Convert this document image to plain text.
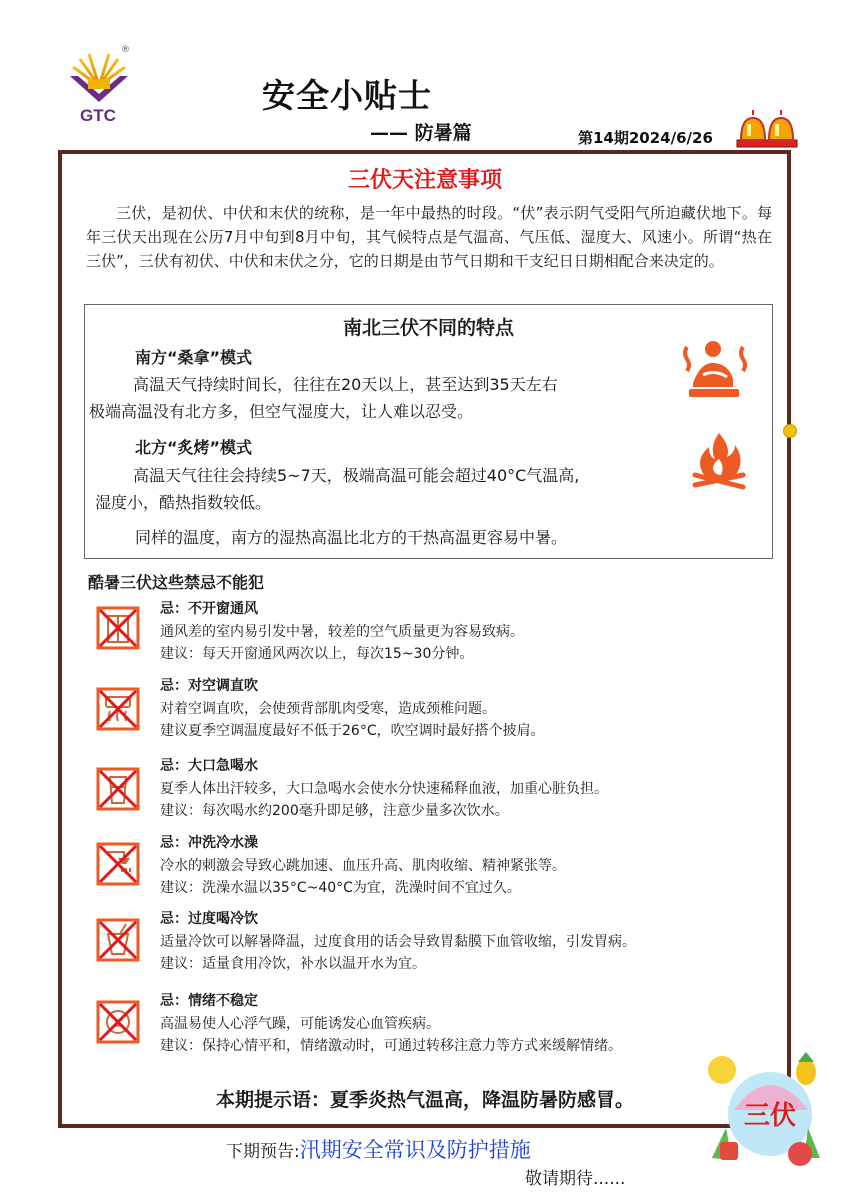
®
GTC
安全小贴士
—— 防暑篇	第14期2024/6/26
三伏天注意事项

三伏，是初伏、中伏和末伏的统称，是一年中最热的时段。“伏”表示阴气受阳气所迫藏伏地下。每年三伏天出现在公历7月中旬到8月中旬，其气候特点是气温高、气压低、湿度大、风速小。所谓“热在三伏”，三伏有初伏、中伏和末伏之分，它的日期是由节气日期和干支纪日日期相配合来决定的。

南北三伏不同的特点
南方“桑拿”模式
高温天气持续时间长，往往在20天以上，甚至达到35天左右
极端高温没有北方多，但空气湿度大，让人难以忍受。
北方“炙烤”模式
高温天气往往会持续5~7天，极端高温可能会超过40°C气温高,
湿度小，酷热指数较低。
同样的温度，南方的湿热高温比北方的干热高温更容易中暑。
酷暑三伏这些禁忌不能犯
忌：不开窗通风
通风差的室内易引发中暑，较差的空气质量更为容易致病。
建议：每天开窗通风两次以上，每次15~30分钟。
忌：对空调直吹
对着空调直吹，会使颈背部肌肉受寒，造成颈椎问题。
建议夏季空调温度最好不低于26°C，吹空调时最好搭个披肩。
忌：大口急喝水
夏季人体出汗较多，大口急喝水会使水分快速稀释血液，加重心脏负担。
建议：每次喝水约200毫升即足够，注意少量多次饮水。
忌：冲洗冷水澡
冷水的刺激会导致心跳加速、血压升高、肌肉收缩、精神紧张等。
建议：洗澡水温以35°C~40°C为宜，洗澡时间不宜过久。
忌：过度喝冷饮
适量冷饮可以解暑降温，过度食用的话会导致胃黏膜下血管收缩，引发胃病。
建议：适量食用冷饮，补水以温开水为宜。
忌：情绪不稳定
高温易使人心浮气躁，可能诱发心血管疾病。
建议：保持心情平和，情绪激动时，可通过转移注意力等方式来缓解情绪。
本期提示语：夏季炎热气温高，降温防暑防感冒。
下期预告:汛期安全常识及防护措施
敬请期待......
三伏
